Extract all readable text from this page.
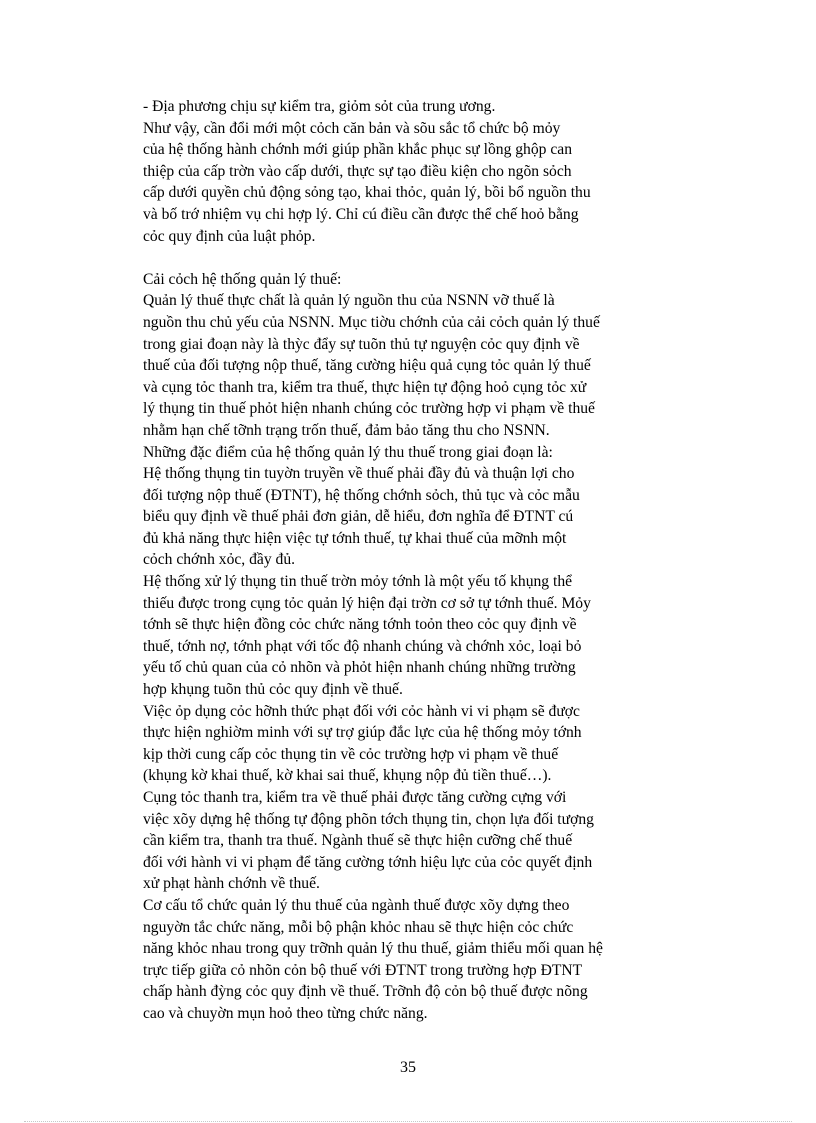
- Địa phương chịu sự kiểm tra, giỏm sỏt của trung ương.
Như vậy, cần đổi mới một cỏch căn bản và sõu sắc tổ chức bộ mỏy
của hệ thống hành chớnh mới giúp phần khắc phục sự lồng ghộp can
thiệp của cấp trờn vào cấp dưới, thực sự tạo điều kiện cho ngõn sỏch
cấp dưới quyền chủ động sỏng tạo, khai thỏc, quản lý, bồi bổ nguồn thu
và bố trớ nhiệm vụ chi hợp lý. Chỉ cú điều cần được thể chế hoỏ bằng
cỏc quy định của luật phỏp.
Cải cỏch hệ thống quản lý thuế:
Quản lý thuế thực chất là quản lý nguồn thu của NSNN vỡ thuế là
nguồn thu chủ yếu của NSNN. Mục tiờu chớnh của cải cỏch quản lý thuế
trong giai đoạn này là thỳc đẩy sự tuõn thủ tự nguyện cỏc quy định về
thuế của đối tượng nộp thuế, tăng cường hiệu quả cụng tỏc quản lý thuế
và cụng tỏc thanh tra, kiểm tra thuế, thực hiện tự động hoỏ cụng tỏc xử
lý thụng tin thuế phỏt hiện nhanh chúng cỏc trường hợp vi phạm về thuế
nhằm hạn chế tỡnh trạng trốn thuế, đảm bảo tăng thu cho NSNN.
Những đặc điểm của hệ thống quản lý thu thuế trong giai đoạn là:
Hệ thống thụng tin tuyờn truyền về thuế phải đầy đủ và thuận lợi cho
đối tượng nộp thuế (ĐTNT), hệ thống chớnh sỏch, thủ tục và cỏc mẫu
biểu quy định về thuế phải đơn giản, dễ hiểu, đơn nghĩa để ĐTNT cú
đủ khả năng thực hiện việc tự tớnh thuế, tự khai thuế của mỡnh một
cỏch chớnh xỏc, đầy đủ.
Hệ thống xử lý thụng tin thuế trờn mỏy tớnh là một yếu tố khụng thể
thiếu được trong cụng tỏc quản lý hiện đại trờn cơ sở tự tớnh thuế. Mỏy
tớnh sẽ thực hiện đồng cỏc chức năng tớnh toỏn theo cỏc quy định về
thuế, tớnh nợ, tớnh phạt với tốc độ nhanh chúng và chớnh xỏc, loại bỏ
yếu tố chủ quan của cỏ nhõn và phỏt hiện nhanh chúng những trường
hợp khụng tuõn thủ cỏc quy định về thuế.
Việc ỏp dụng cỏc hỡnh thức phạt đối với cỏc hành vi vi phạm sẽ được
thực hiện nghiờm minh với sự trợ giúp đắc lực của hệ thống mỏy tớnh
kịp thời cung cấp cỏc thụng tin về cỏc trường hợp vi phạm về thuế
(khụng kờ khai thuế, kờ khai sai thuế, khụng nộp đủ tiền thuế…).
Cụng tỏc thanh tra, kiểm tra về thuế phải được tăng cường cựng với
việc xõy dựng hệ thống tự động phõn tớch thụng tin, chọn lựa đối tượng
cần kiểm tra, thanh tra thuế. Ngành thuế sẽ thực hiện cưỡng chế thuế
đối với hành vi vi phạm để tăng cường tớnh hiệu lực của cỏc quyết định
xử phạt hành chớnh về thuế.
Cơ cấu tổ chức quản lý thu thuế của ngành thuế được xõy dựng theo
nguyờn tắc chức năng, mỗi bộ phận khỏc nhau sẽ thực hiện cỏc chức
năng khỏc nhau trong quy trỡnh quản lý thu thuế, giảm thiểu mối quan hệ
trực tiếp giữa cỏ nhõn cỏn bộ thuế với ĐTNT trong trường hợp ĐTNT
chấp hành đỳng cỏc quy định về thuế. Trỡnh độ cỏn bộ thuế được nõng
cao và chuyờn mụn hoỏ theo từng chức năng.
35
